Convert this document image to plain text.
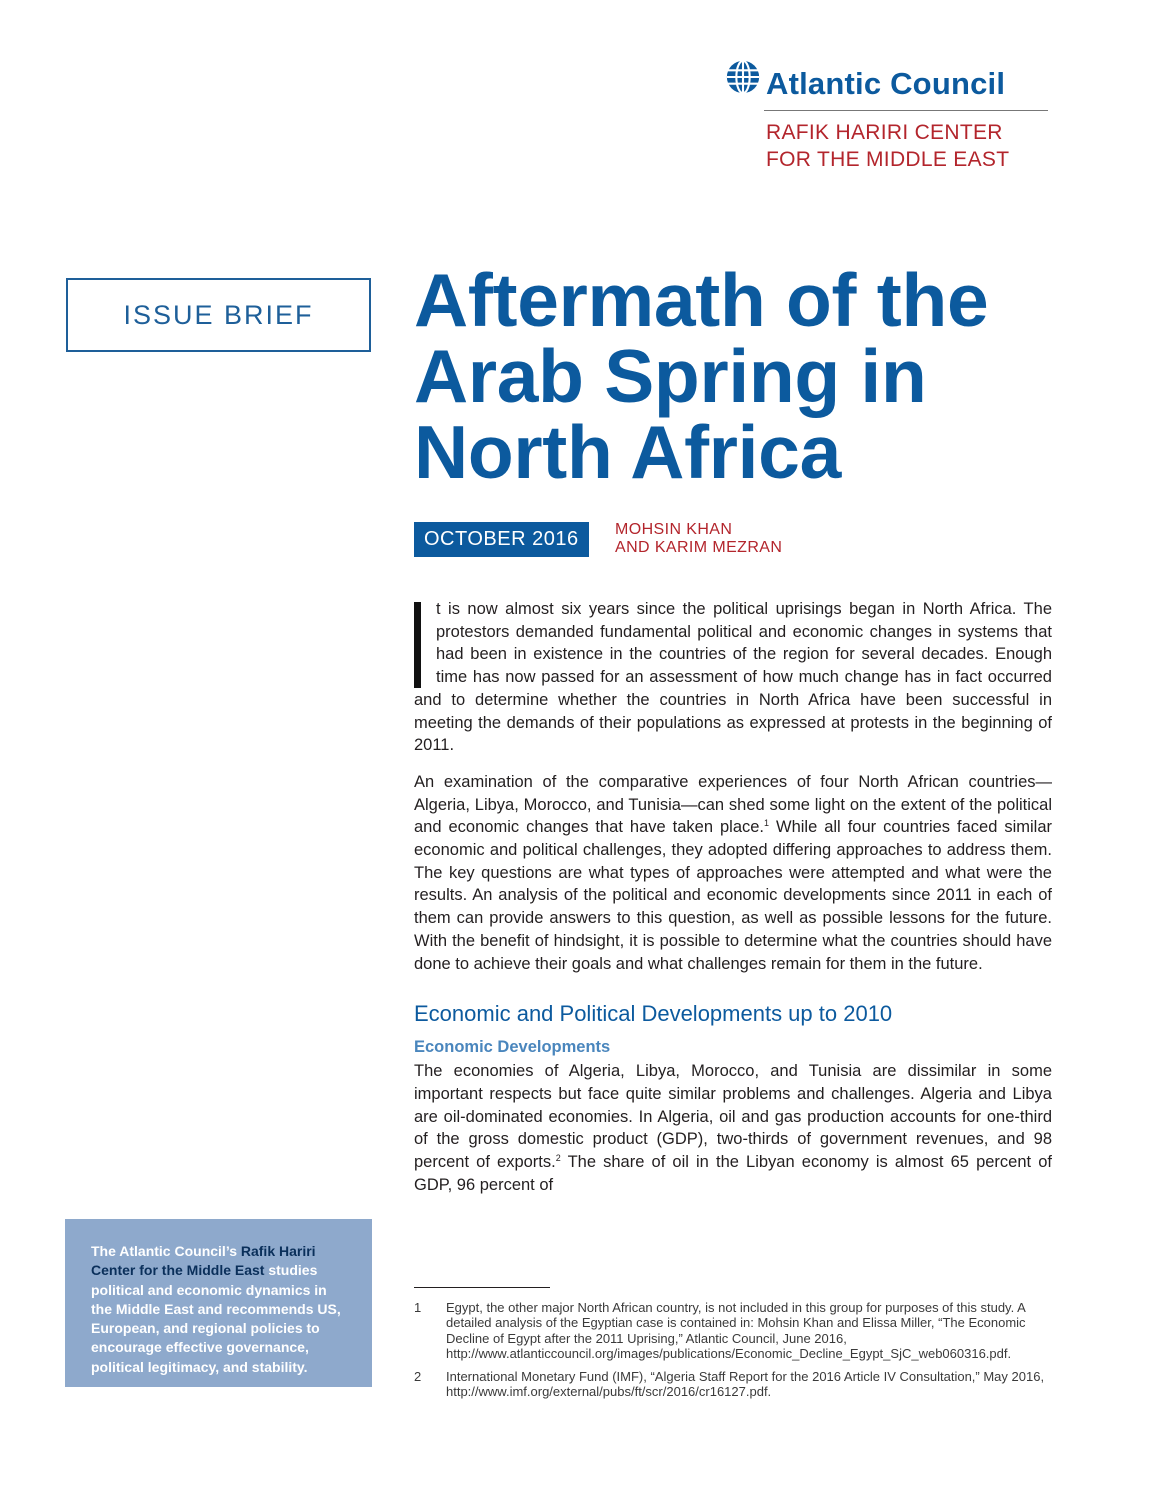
Atlantic Council
RAFIK HARIRI CENTER
FOR THE MIDDLE EAST
ISSUE BRIEF	Aftermath of the Arab Spring in North Africa
OCTOBER 2016	MOHSIN KHAN
AND KARIM MEZRAN

t is now almost six years since the political uprisings began in North Africa. The protestors demanded fundamental political and economic changes in systems that had been in existence in the countries of the region for several decades. Enough time has now passed for an assessment of how much change has in fact occurred and to determine whether the countries in North Africa have been successful in meeting the demands of their populations as expressed at protests in the beginning of 2011.

An examination of the comparative experiences of four North African countries—Algeria, Libya, Morocco, and Tunisia—can shed some light on the extent of the political and economic changes that have taken place.$^1$ While all four countries faced similar economic and political challenges, they adopted differing approaches to address them. The key questions are what types of approaches were attempted and what were the results. An analysis of the political and economic developments since 2011 in each of them can provide answers to this question, as well as possible lessons for the future. With the benefit of hindsight, it is possible to determine what the countries should have done to achieve their goals and what challenges remain for them in the future.

Economic and Political Developments up to 2010
Economic Developments

The economies of Algeria, Libya, Morocco, and Tunisia are dissimilar in some important respects but face quite similar problems and challenges. Algeria and Libya are oil-dominated economies. In Algeria, oil and gas production accounts for one-third of the gross domestic product (GDP), two-thirds of government revenues, and 98 percent of exports.$^2$ The share of oil in the Libyan economy is almost 65 percent of GDP, 96 percent of

1	Egypt, the other major North African country, is not included in this group for purposes of this study. A detailed analysis of the Egyptian case is contained in: Mohsin Khan and Elissa Miller, “The Economic Decline of Egypt after the 2011 Uprising,” Atlantic Council, June 2016, http://www.atlanticcouncil.org/images/publications/Economic_Decline_Egypt_SjC_web060316.pdf.
2	International Monetary Fund (IMF), “Algeria Staff Report for the 2016 Article IV Consultation,” May 2016, http://www.imf.org/external/pubs/ft/scr/2016/cr16127.pdf.
The Atlantic Council’s Rafik Hariri Center for the Middle East studies political and economic dynamics in the Middle East and recommends US, European, and regional policies to encourage effective governance, political legitimacy, and stability.
